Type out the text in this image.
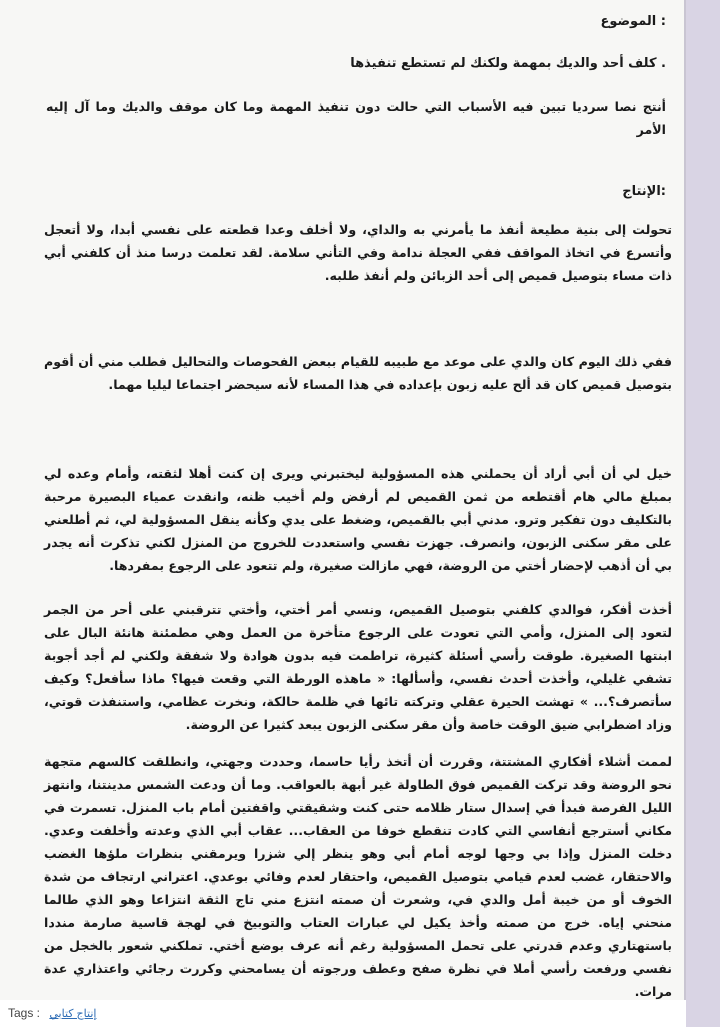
: الموضوع

. كلف أحد والديك بمهمة ولكنك لم تستطع تنفيذها

أنتج نصا سرديا تبين فيه الأسباب التي حالت دون تنفيذ المهمة وما كان موقف والديك وما آل إليه الأمر

:الإنتاج

تحولت إلى بنية مطيعة أنفذ ما يأمرني به والداي، ولا أخلف وعدا قطعته على نفسي أبدا، ولا أتعجل وأتسرع في اتخاذ المواقف ففي العجلة ندامة وفي التأني سلامة. لقد تعلمت درسا منذ أن كلفني أبي ذات مساء بتوصيل قميص إلى أحد الزبائن ولم أنفذ طلبه.

ففي ذلك اليوم كان والدي على موعد مع طبيبه للقيام ببعض الفحوصات والتحاليل فطلب مني أن أقوم بتوصيل قميص كان قد ألح عليه زبون بإعداده في هذا المساء لأنه سيحضر اجتماعا ليليا مهما.

خيل لي أن أبي أراد أن يحملني هذه المسؤولية ليختبرني ويرى إن كنت أهلا لثقته، وأمام وعده لي بمبلغ مالي هام أقتطعه من ثمن القميص لم أرفض ولم أخيب ظنه، وانقدت عمياء البصيرة مرحبة بالتكليف دون تفكير وترو. مدني أبي بالقميص، وضغط على يدي وكأنه ينقل المسؤولية لي، ثم أطلعني على مقر سكنى الزبون، وانصرف. جهزت نفسي واستعددت للخروج من المنزل لكني تذكرت أنه يجدر بي أن أذهب لإحضار أختي من الروضة، فهي مازالت صغيرة، ولم تتعود على الرجوع بمفردها.

أخذت أفكر، فوالدي كلفني بتوصيل القميص، ونسي أمر أختي، وأختي تترقبني على أحر من الجمر لتعود إلى المنزل، وأمي التي تعودت على الرجوع متأخرة من العمل وهي مطمئنة هانئة البال على ابنتها الصغيرة. طوقت رأسي أسئلة كثيرة، تراطمت فيه بدون هوادة ولا شفقة ولكني لم أجد أجوبة تشفي غليلي، وأخذت أحدث نفسي، وأسألها: « ماهذه الورطة التي وقعت فيها؟ ماذا سأفعل؟ وكيف سأتصرف؟... » تهشت الحيرة عقلي وتركته تائها في ظلمة حالكة، ونخرت عظامي، واستنفذت قوتي، وزاد اضطرابي ضيق الوقت خاصة وأن مقر سكنى الزبون يبعد كثيرا عن الروضة.

لممت أشلاء أفكاري المشتتة، وقررت أن أتخذ رأيا حاسما، وحددت وجهتي، وانطلقت كالسهم متجهة نحو الروضة وقد تركت القميص فوق الطاولة غير أبهة بالعواقب. وما أن ودعت الشمس مدينتنا، وانتهز الليل الفرصة فبدأ في إسدال ستار ظلامه حتى كنت وشقيقتي واقفتين أمام باب المنزل. تسمرت في مكاني أسترجع أنفاسي التي كادت تنقطع خوفا من العقاب... عقاب أبي الذي وعدته وأخلفت وعدي. دخلت المنزل وإذا بي وجها لوجه أمام أبي وهو ينظر إلي شزرا ويرمقني بنظرات ملؤها الغضب والاحتقار، غضب لعدم قيامي بتوصيل القميص، واحتقار لعدم وفائي بوعدي. اعتراني ارتجاف من شدة الخوف أو من خيبة أمل والدي في، وشعرت أن صمته انتزع مني تاج الثقة انتزاعا وهو الذي طالما منحني إياه. خرج من صمته وأخذ يكيل لي عبارات العتاب والتوبيخ في لهجة قاسية صارمة منددا باستهتاري وعدم قدرتي على تحمل المسؤولية رغم أنه عرف بوضع أختي. تملكني شعور بالخجل من نفسي ورفعت رأسي أملا في نظرة صفح وعطف ورجوته أن يسامحني وكررت رجائي واعتذاري عدة مرات.

Tags : إنتاج كتابي
